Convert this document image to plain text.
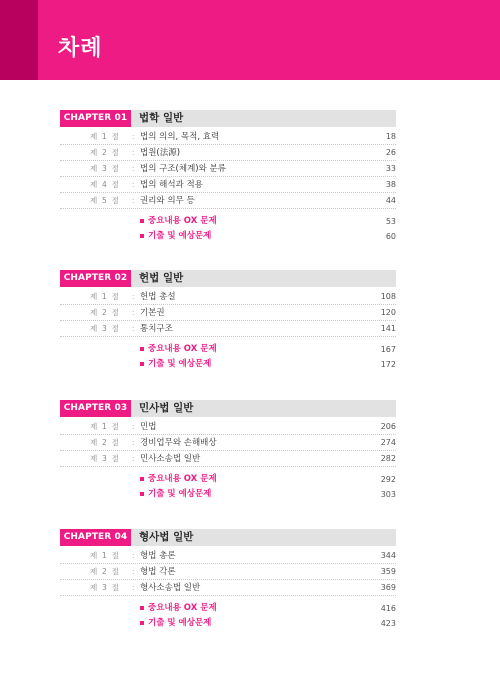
차례
CHAPTER 01	법학 일반
제 1 절 : 법의 의의, 목적, 효력	18
제 2 절 : 법원(法源)	26
제 3 절 : 법의 구조(체계)와 분류	33
제 4 절 : 법의 해석과 적용	38
제 5 절 : 권리와 의무 등	44
중요내용 OX 문제	53
기출 및 예상문제	60
CHAPTER 02	헌법 일반
제 1 절 : 헌법 총설	108
제 2 절 : 기본권	120
제 3 절 : 통치구조	141
중요내용 OX 문제	167
기출 및 예상문제	172
CHAPTER 03	민사법 일반
제 1 절 : 민법	206
제 2 절 : 경비업무와 손해배상	274
제 3 절 : 민사소송법 일반	282
중요내용 OX 문제	292
기출 및 예상문제	303
CHAPTER 04	형사법 일반
제 1 절 : 형법 총론	344
제 2 절 : 형법 각론	359
제 3 절 : 형사소송법 일반	369
중요내용 OX 문제	416
기출 및 예상문제	423
